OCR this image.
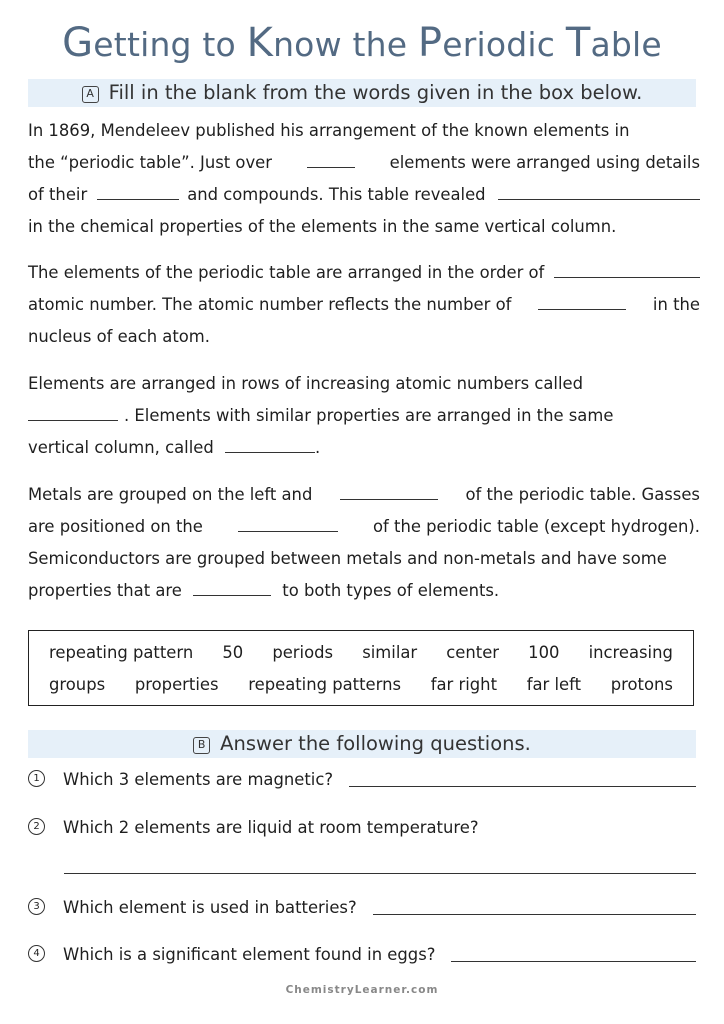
Getting to Know the Periodic Table
A Fill in the blank from the words given in the box below.
In 1869, Mendeleev published his arrangement of the known elements in
the “periodic table”. Just over	elements were arranged using details
of their	and compounds. This table revealed
in the chemical properties of the elements in the same vertical column.
The elements of the periodic table are arranged in the order of
atomic number. The atomic number reflects the number of	in the
nucleus of each atom.
Elements are arranged in rows of increasing atomic numbers called
. Elements with similar properties are arranged in the same
vertical column, called	.
Metals are grouped on the left and	of the periodic table. Gasses
are positioned on the	of the periodic table (except hydrogen).
Semiconductors are grouped between metals and non-metals and have some
properties that are	to both types of elements.
repeating pattern 50 periods similar center 100 increasing
groups properties repeating patterns far right far left protons
B Answer the following questions.
1	Which 3 elements are magnetic?
2	Which 2 elements are liquid at room temperature?
3	Which element is used in batteries?
4	Which is a significant element found in eggs?
ChemistryLearner.com
